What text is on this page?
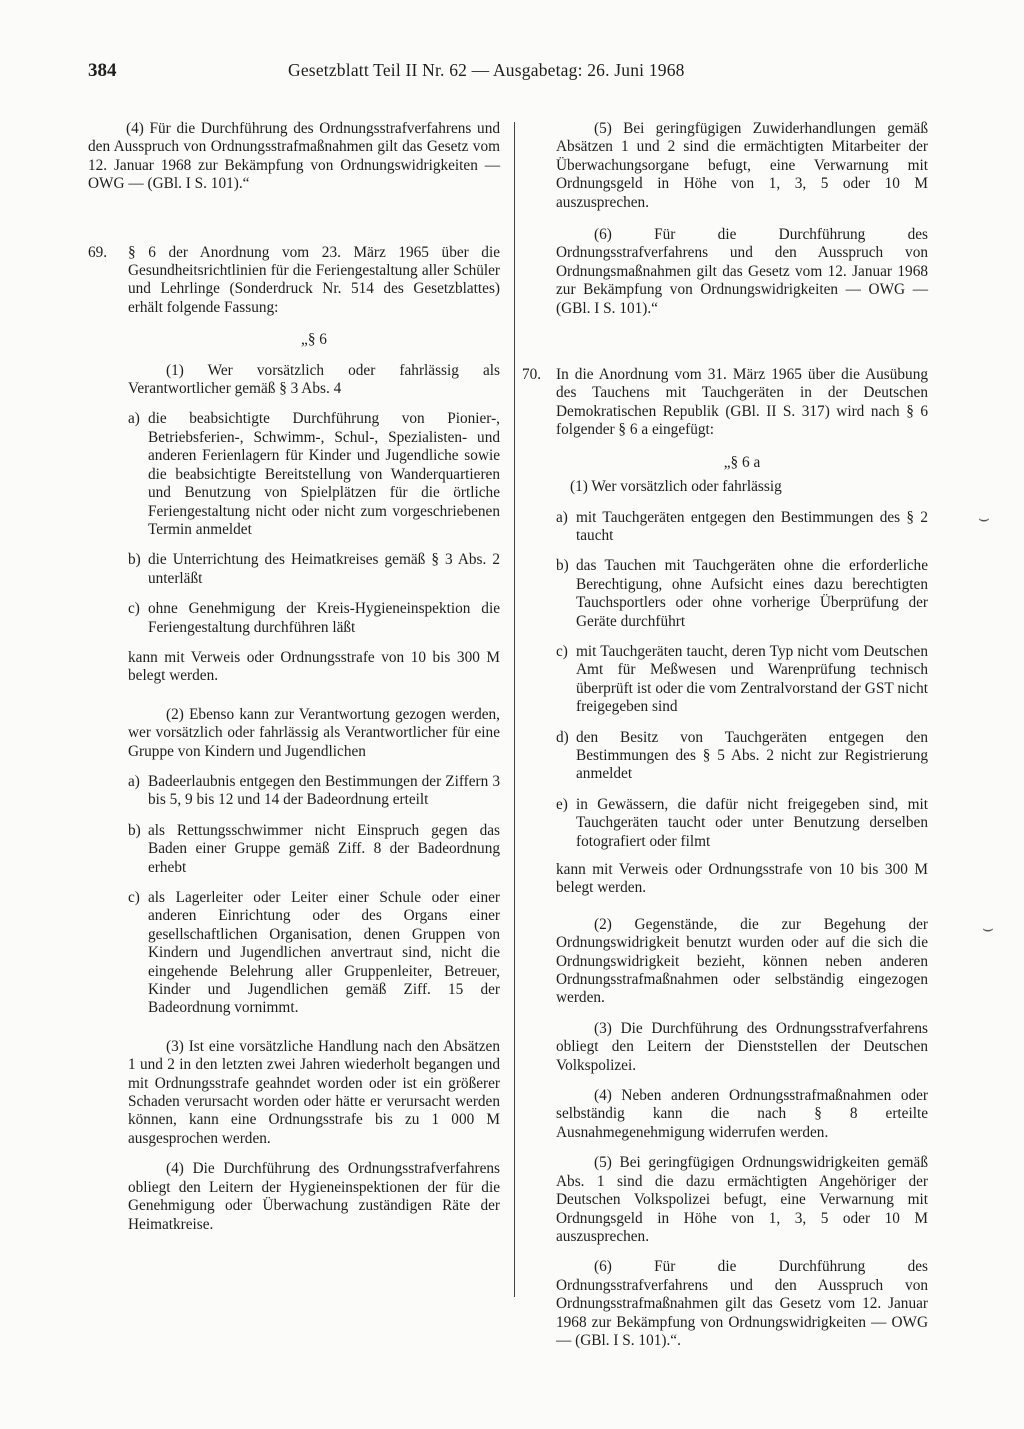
384	Gesetzblatt Teil II Nr. 62 — Ausgabetag: 26. Juni 1968

(4) Für die Durchführung des Ordnungsstrafverfahrens und den Ausspruch von Ordnungsstrafmaßnahmen gilt das Gesetz vom 12. Januar 1968 zur Bekämpfung von Ordnungswidrigkeiten — OWG — (GBl. I S. 101).“

69. § 6 der Anordnung vom 23. März 1965 über die Gesundheitsrichtlinien für die Feriengestaltung aller Schüler und Lehrlinge (Sonderdruck Nr. 514 des Gesetzblattes) erhält folgende Fassung:

„§ 6

(1) Wer vorsätzlich oder fahrlässig als Verantwortlicher gemäß § 3 Abs. 4

a) die beabsichtigte Durchführung von Pionier-, Betriebsferien-, Schwimm-, Schul-, Spezialisten- und anderen Ferienlagern für Kinder und Jugendliche sowie die beabsichtigte Bereitstellung von Wanderquartieren und Benutzung von Spielplätzen für die örtliche Feriengestaltung nicht oder nicht zum vorgeschriebenen Termin anmeldet

b) die Unterrichtung des Heimatkreises gemäß § 3 Abs. 2 unterläßt

c) ohne Genehmigung der Kreis-Hygieneinspektion die Feriengestaltung durchführen läßt

kann mit Verweis oder Ordnungsstrafe von 10 bis 300 M belegt werden.

(2) Ebenso kann zur Verantwortung gezogen werden, wer vorsätzlich oder fahrlässig als Verantwortlicher für eine Gruppe von Kindern und Jugendlichen

a) Badeerlaubnis entgegen den Bestimmungen der Ziffern 3 bis 5, 9 bis 12 und 14 der Badeordnung erteilt

b) als Rettungsschwimmer nicht Einspruch gegen das Baden einer Gruppe gemäß Ziff. 8 der Badeordnung erhebt

c) als Lagerleiter oder Leiter einer Schule oder einer anderen Einrichtung oder des Organs einer gesellschaftlichen Organisation, denen Gruppen von Kindern und Jugendlichen anvertraut sind, nicht die eingehende Belehrung aller Gruppenleiter, Betreuer, Kinder und Jugendlichen gemäß Ziff. 15 der Badeordnung vornimmt.

(3) Ist eine vorsätzliche Handlung nach den Absätzen 1 und 2 in den letzten zwei Jahren wiederholt begangen und mit Ordnungsstrafe geahndet worden oder ist ein größerer Schaden verursacht worden oder hätte er verursacht werden können, kann eine Ordnungsstrafe bis zu 1 000 M ausgesprochen werden.

(4) Die Durchführung des Ordnungsstrafverfahrens obliegt den Leitern der Hygieneinspektionen der für die Genehmigung oder Überwachung zuständigen Räte der Heimatkreise.

(5) Bei geringfügigen Zuwiderhandlungen gemäß Absätzen 1 und 2 sind die ermächtigten Mitarbeiter der Überwachungsorgane befugt, eine Verwarnung mit Ordnungsgeld in Höhe von 1, 3, 5 oder 10 M auszusprechen.

(6) Für die Durchführung des Ordnungsstrafverfahrens und den Ausspruch von Ordnungsmaßnahmen gilt das Gesetz vom 12. Januar 1968 zur Bekämpfung von Ordnungswidrigkeiten — OWG — (GBl. I S. 101).“

70. In die Anordnung vom 31. März 1965 über die Ausübung des Tauchens mit Tauchgeräten in der Deutschen Demokratischen Republik (GBl. II S. 317) wird nach § 6 folgender § 6 a eingefügt:

„§ 6 a

(1) Wer vorsätzlich oder fahrlässig

a) mit Tauchgeräten entgegen den Bestimmungen des § 2 taucht

b) das Tauchen mit Tauchgeräten ohne die erforderliche Berechtigung, ohne Aufsicht eines dazu berechtigten Tauchsportlers oder ohne vorherige Überprüfung der Geräte durchführt

c) mit Tauchgeräten taucht, deren Typ nicht vom Deutschen Amt für Meßwesen und Warenprüfung technisch überprüft ist oder die vom Zentralvorstand der GST nicht freigegeben sind

d) den Besitz von Tauchgeräten entgegen den Bestimmungen des § 5 Abs. 2 nicht zur Registrierung anmeldet

e) in Gewässern, die dafür nicht freigegeben sind, mit Tauchgeräten taucht oder unter Benutzung derselben fotografiert oder filmt

kann mit Verweis oder Ordnungsstrafe von 10 bis 300 M belegt werden.

(2) Gegenstände, die zur Begehung der Ordnungswidrigkeit benutzt wurden oder auf die sich die Ordnungswidrigkeit bezieht, können neben anderen Ordnungsstrafmaßnahmen oder selbständig eingezogen werden.

(3) Die Durchführung des Ordnungsstrafverfahrens obliegt den Leitern der Dienststellen der Deutschen Volkspolizei.

(4) Neben anderen Ordnungsstrafmaßnahmen oder selbständig kann die nach § 8 erteilte Ausnahmegenehmigung widerrufen werden.

(5) Bei geringfügigen Ordnungswidrigkeiten gemäß Abs. 1 sind die dazu ermächtigten Angehöriger der Deutschen Volkspolizei befugt, eine Verwarnung mit Ordnungsgeld in Höhe von 1, 3, 5 oder 10 M auszusprechen.

(6) Für die Durchführung des Ordnungsstrafverfahrens und den Ausspruch von Ordnungsstrafmaßnahmen gilt das Gesetz vom 12. Januar 1968 zur Bekämpfung von Ordnungswidrigkeiten — OWG — (GBl. I S. 101).“.

⌣
⌣
